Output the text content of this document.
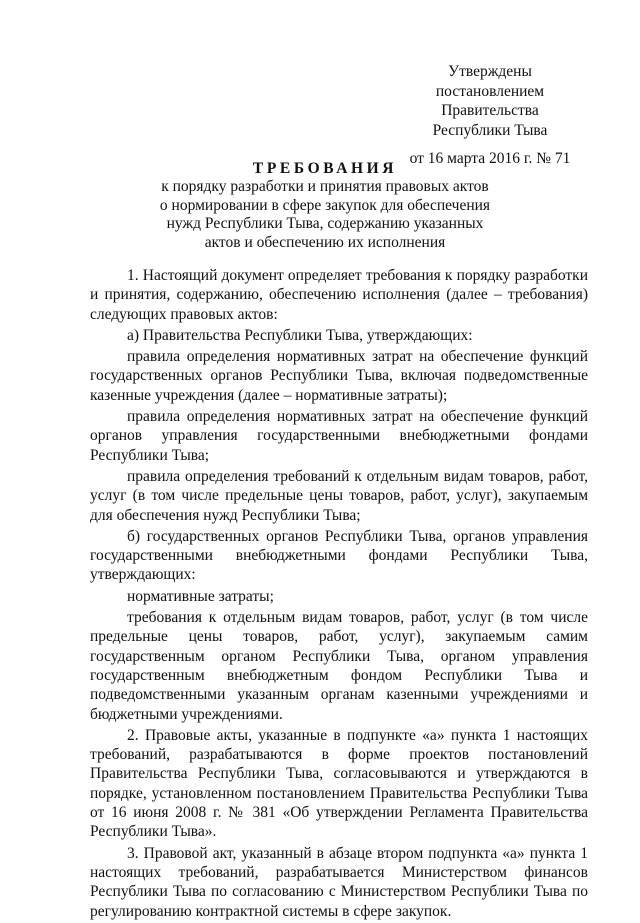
Утверждены
постановлением Правительства
Республики Тыва
от 16 марта 2016 г. № 71
ТРЕБОВАНИЯ
к порядку разработки и принятия правовых актов
о нормировании в сфере закупок для обеспечения
нужд Республики Тыва, содержанию указанных
актов и обеспечению их исполнения

1. Настоящий документ определяет требования к порядку разработки и принятия, содержанию, обеспечению исполнения (далее – требования) следующих правовых актов:

а) Правительства Республики Тыва, утверждающих:

правила определения нормативных затрат на обеспечение функций государственных органов Республики Тыва, включая подведомственные казенные учреждения (далее – нормативные затраты);

правила определения нормативных затрат на обеспечение функций органов управления государственными внебюджетными фондами Республики Тыва;

правила определения требований к отдельным видам товаров, работ, услуг (в том числе предельные цены товаров, работ, услуг), закупаемым для обеспечения нужд Республики Тыва;

б) государственных органов Республики Тыва, органов управления государственными внебюджетными фондами Республики Тыва, утверждающих:

нормативные затраты;

требования к отдельным видам товаров, работ, услуг (в том числе предельные цены товаров, работ, услуг), закупаемым самим государственным органом Республики Тыва, органом управления государственным внебюджетным фондом Республики Тыва и подведомственными указанным органам казенными учреждениями и бюджетными учреждениями.

2. Правовые акты, указанные в подпункте «а» пункта 1 настоящих требований, разрабатываются в форме проектов постановлений Правительства Республики Тыва, согласовываются и утверждаются в порядке, установленном постановлением Правительства Республики Тыва от 16 июня 2008 г. № 381 «Об утверждении Регламента Правительства Республики Тыва».

3. Правовой акт, указанный в абзаце втором подпункта «а» пункта 1 настоящих требований, разрабатывается Министерством финансов Республики Тыва по согласованию с Министерством Республики Тыва по регулированию контрактной системы в сфере закупок.
